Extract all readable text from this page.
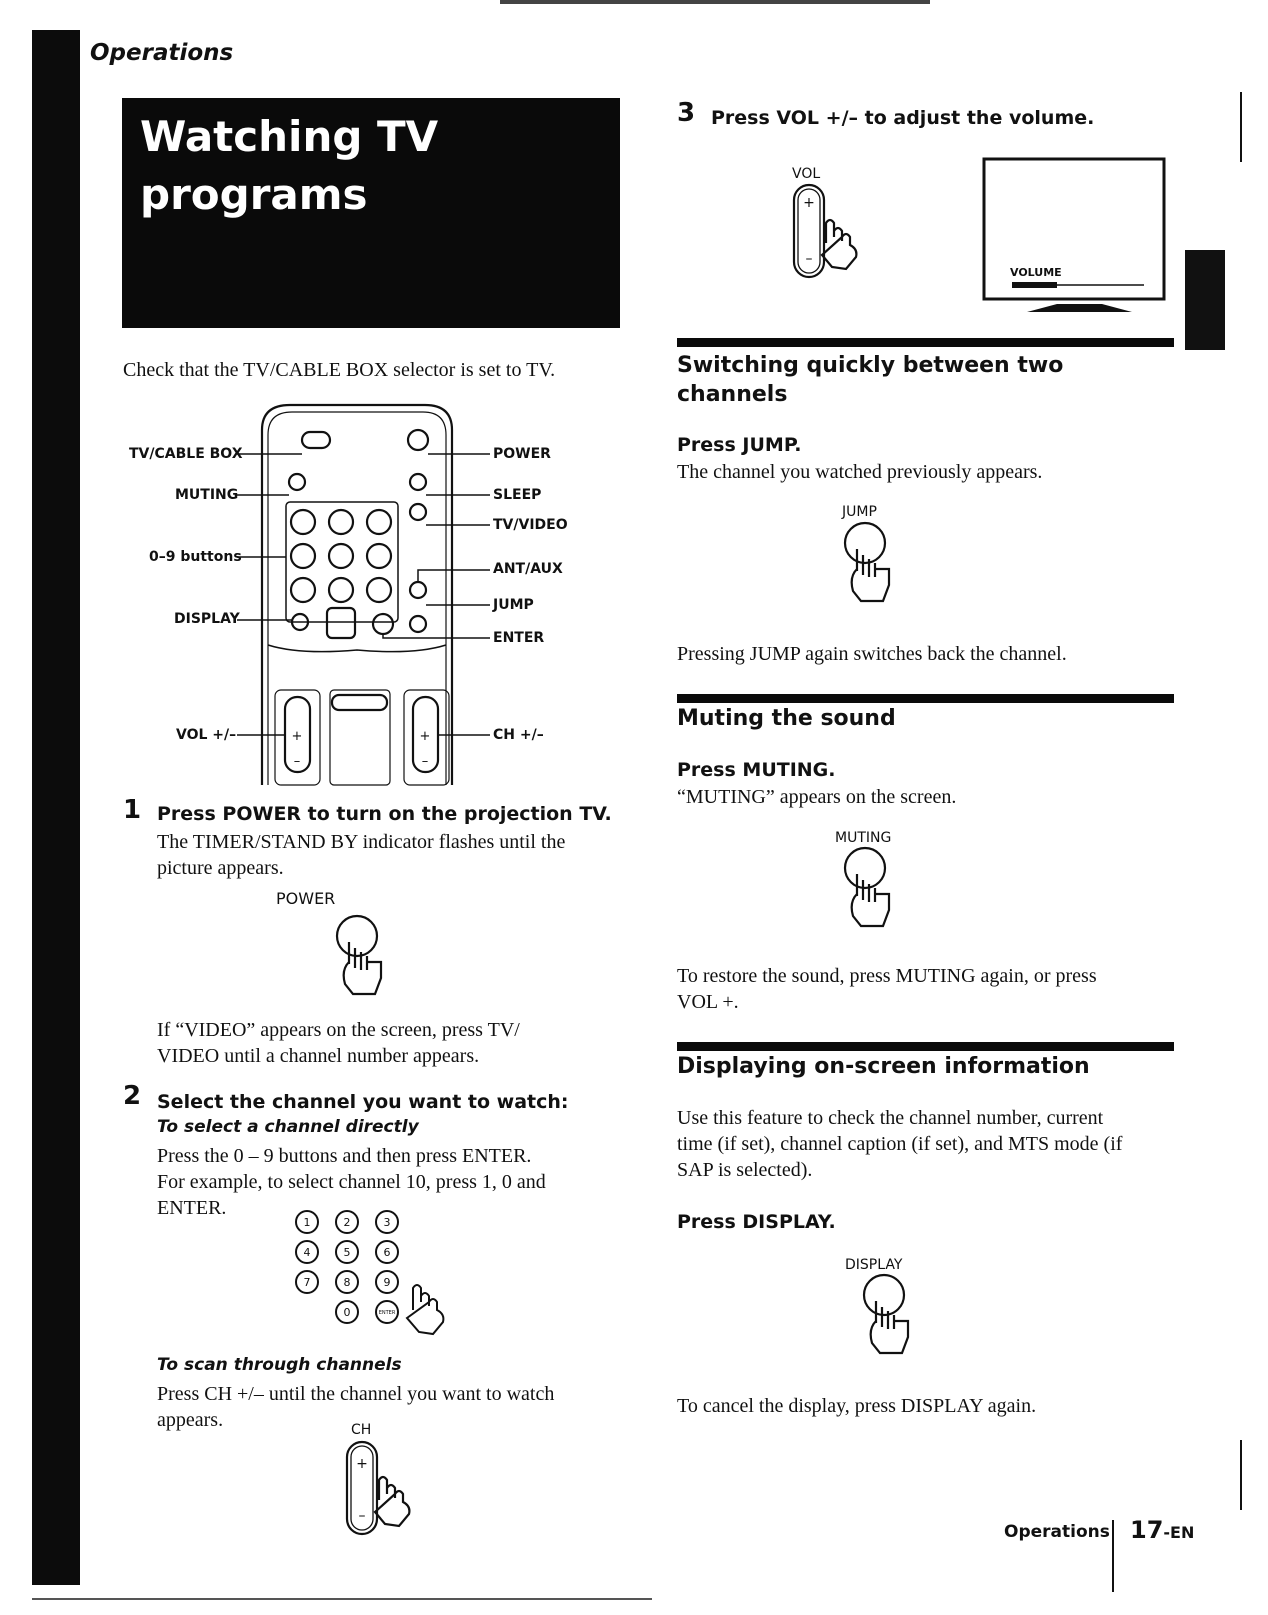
Operations
Watching TV
programs
Check that the TV/CABLE BOX selector is set to TV.
+
–
+
–
TV/CABLE BOX
MUTING
0–9 buttons
DISPLAY
VOL +/–
POWER
SLEEP
TV/VIDEO
ANT/AUX
JUMP
ENTER
CH +/–
1 Press POWER to turn on the projection TV.
The TIMER/STAND BY indicator flashes until the
picture appears.
POWER
If “VIDEO” appears on the screen, press TV/
VIDEO until a channel number appears.
2 Select the channel you want to watch:
To select a channel directly
Press the 0 – 9 buttons and then press ENTER.
For example, to select channel 10, press 1, 0 and
ENTER.
1	2	3
4	5	6
7	8	9
0	ENTER
To scan through channels
Press CH +/– until the channel you want to watch
appears.	CH
+
–
3 Press VOL +/– to adjust the volume.
VOL
+
–
VOLUME
Switching quickly between two
channels
Press JUMP.
The channel you watched previously appears.
JUMP
Pressing JUMP again switches back the channel.
Muting the sound
Press MUTING.
“MUTING” appears on the screen.
MUTING
To restore the sound, press MUTING again, or press
VOL +.
Displaying on-screen information
Use this feature to check the channel number, current
time (if set), channel caption (if set), and MTS mode (if
SAP is selected).
Press DISPLAY.
DISPLAY
To cancel the display, press DISPLAY again.
Operations 17-EN
